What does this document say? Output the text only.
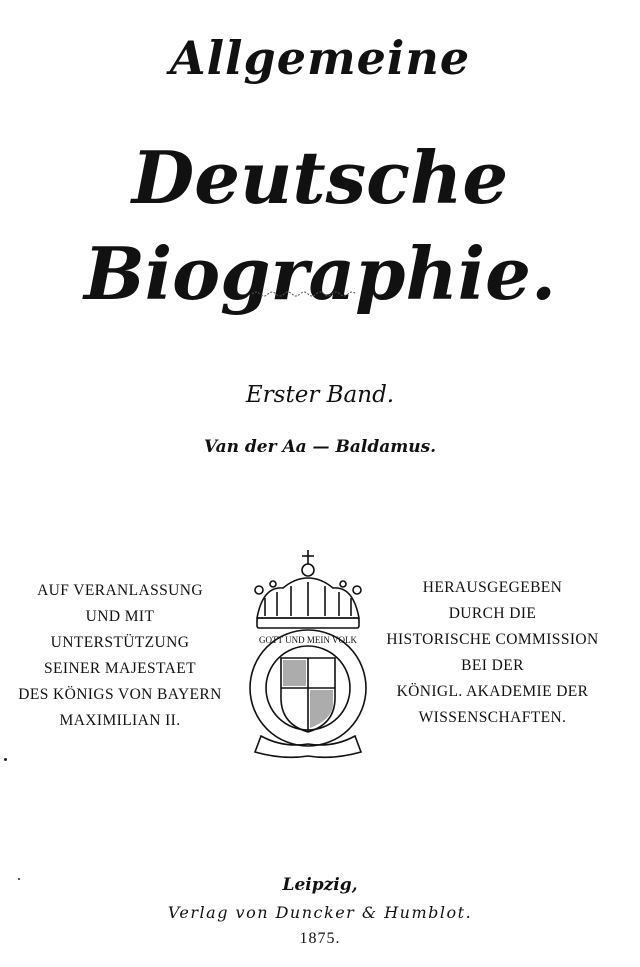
Allgemeine
Deutsche Biographie.
Erster Band.
Van der Aa — Baldamus.
AUF VERANLASSUNG
UND MIT
UNTERSTÜTZUNG
SEINER MAJESTAET
DES KÖNIGS VON BAYERN
MAXIMILIAN II.
GOTT UND MEIN VOLK
HERAUSGEGEBEN
DURCH DIE
HISTORISCHE COMMISSION
BEI DER
KÖNIGL. AKADEMIE DER
WISSENSCHAFTEN.
Leipzig,
Verlag von Duncker & Humblot.
1875.
